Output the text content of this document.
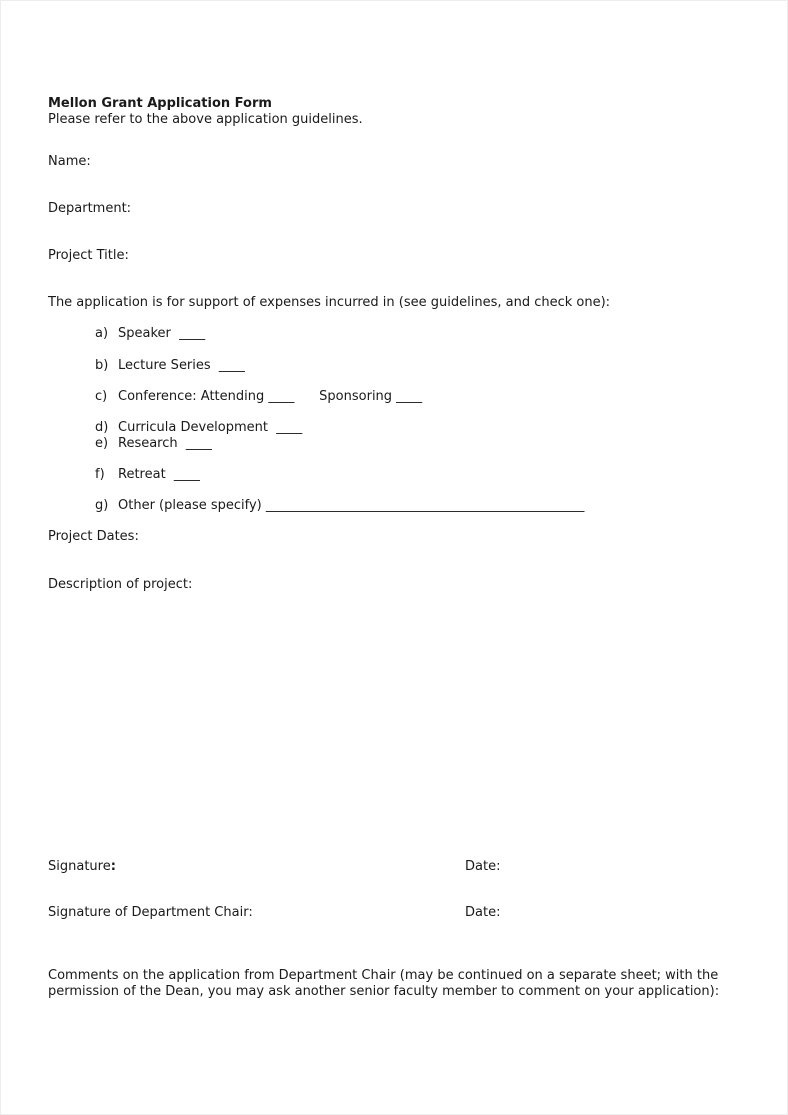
Mellon Grant Application Form
Please refer to the above application guidelines.
Name:
Department:
Project Title:
The application is for support of expenses incurred in (see guidelines, and check one):
a) Speaker  ____
b) Lecture Series  ____
c) Conference: Attending ____      Sponsoring ____
d) Curricula Development  ____
e) Research  ____
f)	Retreat  ____
g) Other (please specify) _________________________________________________
Project Dates:
Description of project:
Signature:	Date:
Signature of Department Chair:	Date:
Comments on the application from Department Chair (may be continued on a separate sheet; with the permission of the Dean, you may ask another senior faculty member to comment on your application):
